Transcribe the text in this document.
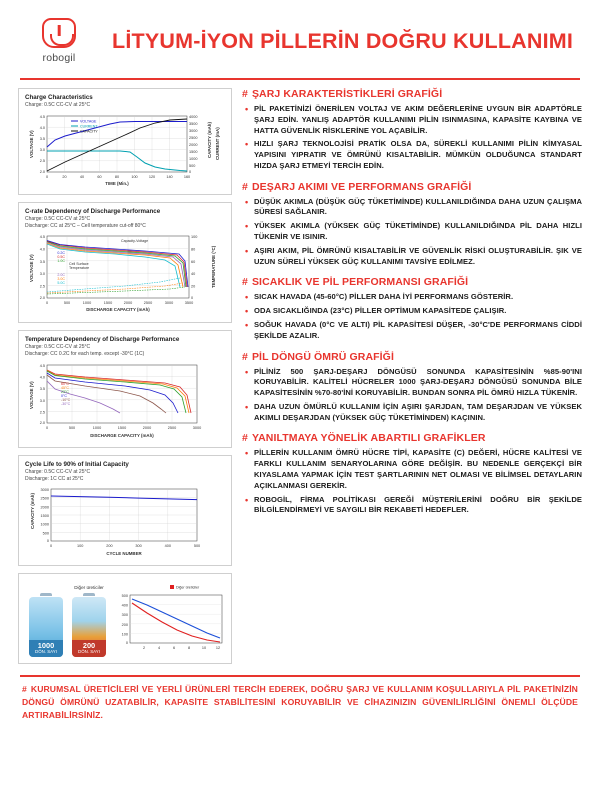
robogil
LİTYUM-İYON PİLLERİN DOĞRU KULLANIMI

Charge Characteristics

Charge: 0.5C CC-CV at 25°C

4.5
4.0
3.5
3.0
2.5
2.0
4000
3500
3000
2500
2000
1500
1000
500
0
0	20	40	60	80	100	120	140	160
TIME (Min.)
VOLTAGE (V)	CAPACITY (mAh) CURRENT (mA)
VOLTAGE
CURRENT
CAPACITY

C-rate Dependency of Discharge Performance

Charge: 0.5C CC-CV at 25°C

Discharge: CC at 25°C – Cell temperature cut-off 80°C

4.5
4.0
3.5
3.0
2.5
2.0
100
80
60
40
20
0
0	500	1000	1500	2000	2500	3000	3500
DISCHARGE CAPACITY (mAh)
VOLTAGE (V)	TEMPERATURE (°C)
Capacity-Voltage
Cell Surface
Temperature
0.2C
0.5C
1.0C
2.0C
3.0C
5.0C

Temperature Dependency of Discharge Performance

Charge: 0.5C CC-CV at 25°C

Discharge: CC 0.2C for each temp. except -30°C (1C)

4.5
4.0
3.5
3.0
2.5
2.0
0	500	1000	1500	2000	2500	3000
DISCHARGE CAPACITY (mAh)
VOLTAGE (V)	60°C
45°C
23°C
0°C
-10°C
-30°C

Cycle Life to 90% of Initial Capacity

Charge: 0.5C CC-CV at 25°C

Discharge: 1C CC at 25°C

3000
2500
2000
1500
1000
500
0
0	100	200	300	400	500
CYCLE NUMBER
CAPACITY (mAh)
1000
DÖN. SAYI
Diğer üreticiler
200
DÖN. SAYI
500
400
300
200
100
0
2	4	6	8	10	12
Diğer üreticiler
# ŞARJ KARAKTERİSTİKLERİ GRAFİĞİ
• PİL PAKETİNİZİ ÖNERİLEN VOLTAJ VE AKIM DEĞERLERİNE UYGUN BİR ADAPTÖRLE ŞARJ EDİN. YANLIŞ ADAPTÖR KULLANIMI PİLİN ISINMASINA, KAPASİTE KAYBINA VE HATTA GÜVENLİK RİSKLERİNE YOL AÇABİLİR.
• HIZLI ŞARJ TEKNOLOJİSİ PRATİK OLSA DA, SÜREKLİ KULLANIMI PİLİN KİMYASAL YAPISINI YIPRATIR VE ÖMRÜNÜ KISALTABİLİR. MÜMKÜN OLDUĞUNCA STANDART HIZDA ŞARJ ETMEYİ TERCİH EDİN.
# DEŞARJ AKIMI VE PERFORMANS GRAFİĞİ
• DÜŞÜK AKIMLA (DÜŞÜK GÜÇ TÜKETİMİNDE) KULLANILDIĞINDA DAHA UZUN ÇALIŞMA SÜRESİ SAĞLANIR.
• YÜKSEK AKIMLA (YÜKSEK GÜÇ TÜKETİMİNDE) KULLANILDIĞINDA PİL DAHA HIZLI TÜKENİR VE ISINIR.
• AŞIRI AKIM, PİL ÖMRÜNÜ KISALTABİLİR VE GÜVENLİK RİSKİ OLUŞTURABİLİR. ŞIK VE UZUN SÜRELİ YÜKSEK GÜÇ KULLANIMI TAVSİYE EDİLMEZ.
# SICAKLIK VE PİL PERFORMANSI GRAFİĞİ
• SICAK HAVADA (45-60°C) PİLLER DAHA İYİ PERFORMANS GÖSTERİR.
• ODA SICAKLIĞINDA (23°C) PİLLER OPTİMUM KAPASİTEDE ÇALIŞIR.
• SOĞUK HAVADA (0°C VE ALTI) PİL KAPASİTESİ DÜŞER, -30°C'DE PERFORMANS CİDDİ ŞEKİLDE AZALIR.
# PİL DÖNGÜ ÖMRÜ GRAFİĞİ
• PİLİNİZ 500 ŞARJ-DEŞARJ DÖNGÜSÜ SONUNDA KAPASİTESİNİN %85-90'INI KORUYABİLİR. KALİTELİ HÜCRELER 1000 ŞARJ-DEŞARJ DÖNGÜSÜ SONUNDA BİLE KAPASİTESİNİN %70-80'İNİ KORUYABİLİR. BUNDAN SONRA PİL ÖMRÜ HIZLA TÜKENİR.
• DAHA UZUN ÖMÜRLÜ KULLANIM İÇİN AŞIRI ŞARJDAN, TAM DEŞARJDAN VE YÜKSEK AKIMLI DEŞARJDAN (YÜKSEK GÜÇ TÜKETİMİNDEN) KAÇININ.
# YANILTMAYA YÖNELİK ABARTILI GRAFİKLER
• PİLLERİN KULLANIM ÖMRÜ HÜCRE TİPİ, KAPASİTE (C) DEĞERİ, HÜCRE KALİTESİ VE FARKLI KULLANIM SENARYOLARINA GÖRE DEĞİŞİR. BU NEDENLE GERÇEKÇİ BİR KIYASLAMA YAPMAK İÇİN TEST ŞARTLARININ NET OLMASI VE BİLİMSEL DETAYLARIN AÇIKLANMASI GEREKİR.
• ROBOGİL, FİRMA POLİTİKASI GEREĞİ MÜŞTERİLERİNİ DOĞRU BİR ŞEKİLDE BİLGİLENDİRMEYİ VE SAYGILI BİR REKABETİ HEDEFLER.

# KURUMSAL ÜRETİCİLERİ VE YERLİ ÜRÜNLERİ TERCİH EDEREK, DOĞRU ŞARJ VE KULLANIM KOŞULLARIYLA PİL PAKETİNİZİN DÖNGÜ ÖMRÜNÜ UZATABİLİR, KAPASİTE STABİLİTESİNİ KORUYABİLİR VE CİHAZINIZIN GÜVENİLİRLİĞİNİ ÖNEMLİ ÖLÇÜDE ARTIRABİLİRSİNİZ.
